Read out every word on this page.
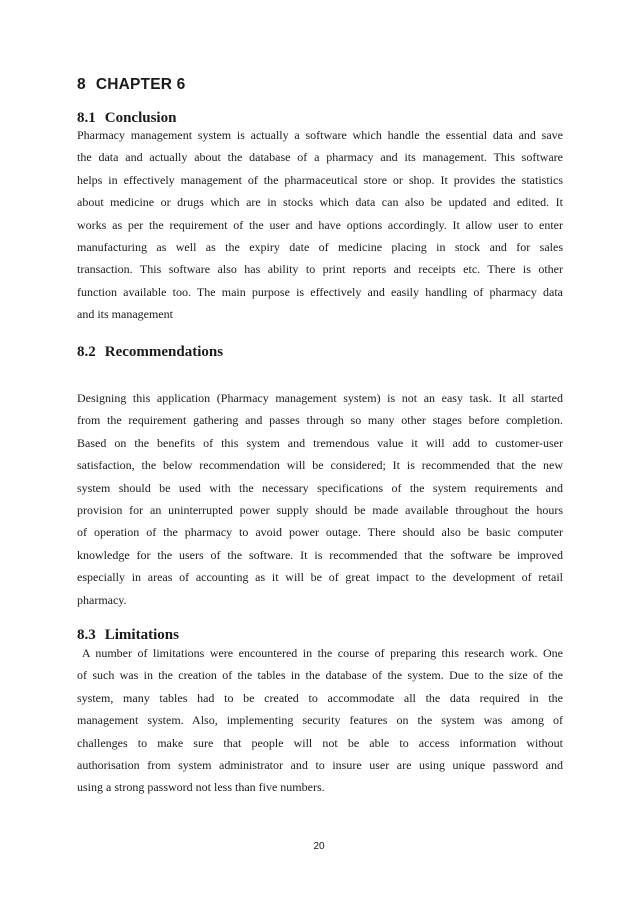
8 CHAPTER 6
8.1 Conclusion
Pharmacy management system is actually a software which handle the essential data and save
the data and actually about the database of a pharmacy and its management. This software
helps in effectively management of the pharmaceutical store or shop. It provides the statistics
about medicine or drugs which are in stocks which data can also be updated and edited. It
works as per the requirement of the user and have options accordingly. It allow user to enter
manufacturing as well as the expiry date of medicine placing in stock and for sales
transaction. This software also has ability to print reports and receipts etc. There is other
function available too. The main purpose is effectively and easily handling of pharmacy data
and its management
8.2 Recommendations
Designing this application (Pharmacy management system) is not an easy task. It all started
from the requirement gathering and passes through so many other stages before completion.
Based on the benefits of this system and tremendous value it will add to customer-user
satisfaction, the below recommendation will be considered; It is recommended that the new
system should be used with the necessary specifications of the system requirements and
provision for an uninterrupted power supply should be made available throughout the hours
of operation of the pharmacy to avoid power outage. There should also be basic computer
knowledge for the users of the software. It is recommended that the software be improved
especially in areas of accounting as it will be of great impact to the development of retail
pharmacy.
8.3 Limitations
A number of limitations were encountered in the course of preparing this research work. One
of such was in the creation of the tables in the database of the system. Due to the size of the
system, many tables had to be created to accommodate all the data required in the
management system. Also, implementing security features on the system was among of
challenges to make sure that people will not be able to access information without
authorisation from system administrator and to insure user are using unique password and
using a strong password not less than five numbers.
20
